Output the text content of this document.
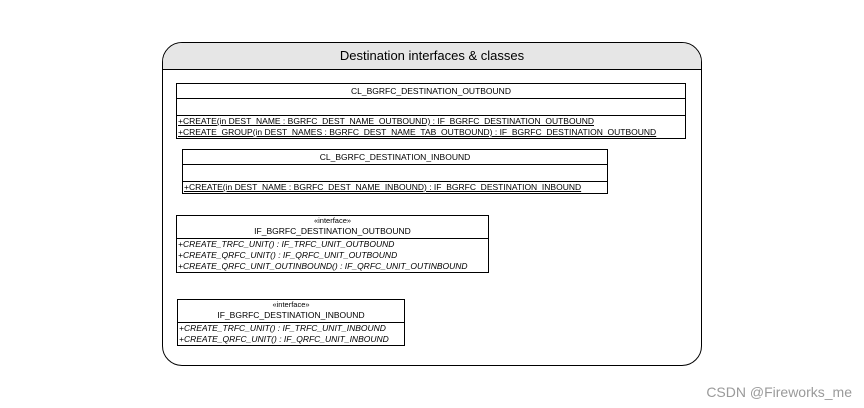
Destination interfaces & classes
CL_BGRFC_DESTINATION_OUTBOUND
+CREATE(in DEST_NAME : BGRFC_DEST_NAME_OUTBOUND) : IF_BGRFC_DESTINATION_OUTBOUND
+CREATE_GROUP(in DEST_NAMES : BGRFC_DEST_NAME_TAB_OUTBOUND) : IF_BGRFC_DESTINATION_OUTBOUND
CL_BGRFC_DESTINATION_INBOUND
+CREATE(in DEST_NAME : BGRFC_DEST_NAME_INBOUND) : IF_BGRFC_DESTINATION_INBOUND
«interface»
IF_BGRFC_DESTINATION_OUTBOUND
+CREATE_TRFC_UNIT() : IF_TRFC_UNIT_OUTBOUND
+CREATE_QRFC_UNIT() : IF_QRFC_UNIT_OUTBOUND
+CREATE_QRFC_UNIT_OUTINBOUND() : IF_QRFC_UNIT_OUTINBOUND
«interface»
IF_BGRFC_DESTINATION_INBOUND
+CREATE_TRFC_UNIT() : IF_TRFC_UNIT_INBOUND
+CREATE_QRFC_UNIT() : IF_QRFC_UNIT_INBOUND
CSDN @Fireworks_me
